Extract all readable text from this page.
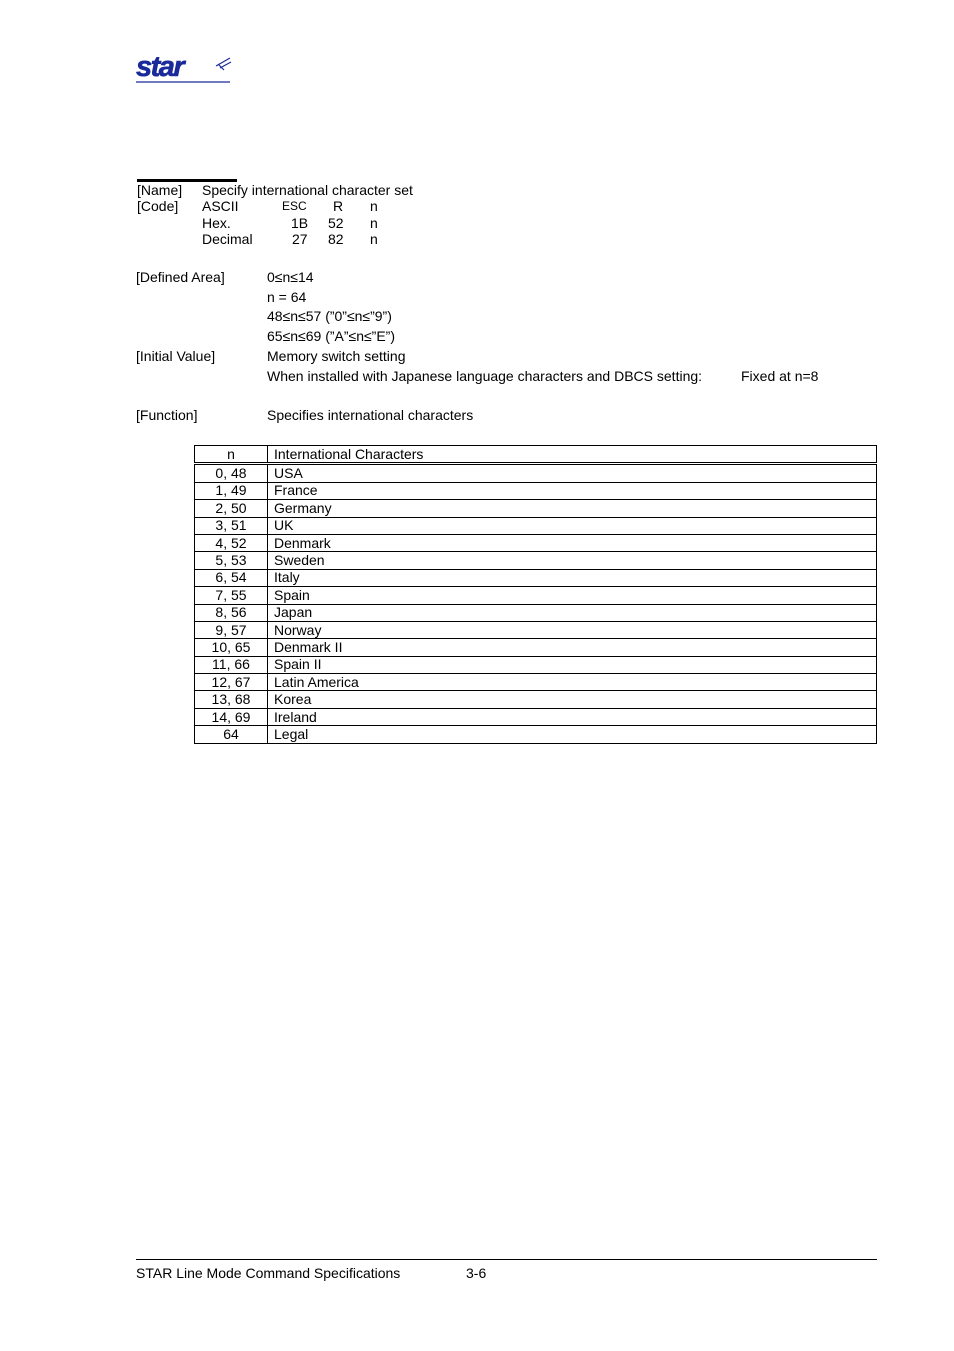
star
[Name] Specify international character set
[Code] ASCII	ESC R n
Hex.	1B 52 n
Decimal	27 82 n
[Defined Area]	0≤n≤14
n = 64
48≤n≤57 (”0”≤n≤”9”)
65≤n≤69 (”A”≤n≤”E”)
[Initial Value]	Memory switch setting
When installed with Japanese language characters and DBCS setting:	Fixed at n=8
[Function]	Specifies international characters
n	International Characters
0, 48	USA
1, 49	France
2, 50	Germany
3, 51	UK
4, 52	Denmark
5, 53	Sweden
6, 54	Italy
7, 55	Spain
8, 56	Japan
9, 57	Norway
10, 65	Denmark II
11, 66	Spain II
12, 67	Latin America
13, 68	Korea
14, 69	Ireland
64	Legal
STAR Line Mode Command Specifications	3-6
